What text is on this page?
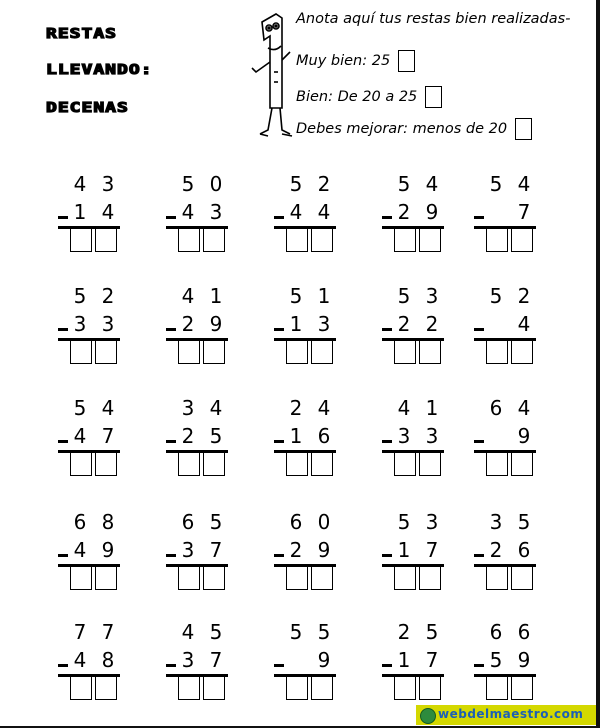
RESTAS
LLEVANDO:
DECENAS
Anota aquí tus restas bien realizadas-
Muy bien: 25
Bien: De 20 a 25
Debes mejorar: menos de 20
4 3
1 4
5 0
4 3
5 2
4 4
5 4
2 9
5 4
7
5 2
3 3
4 1
2 9
5 1
1 3
5 3
2 2
5 2
4
5 4
4 7
3 4
2 5
2 4
1 6
4 1
3 3
6 4
9
6 8
4 9
6 5
3 7
6 0
2 9
5 3
1 7
3 5
2 6
7 7
4 8
4 5
3 7
5 5
9
2 5
1 7
6 6
5 9
webdelmaestro.com
